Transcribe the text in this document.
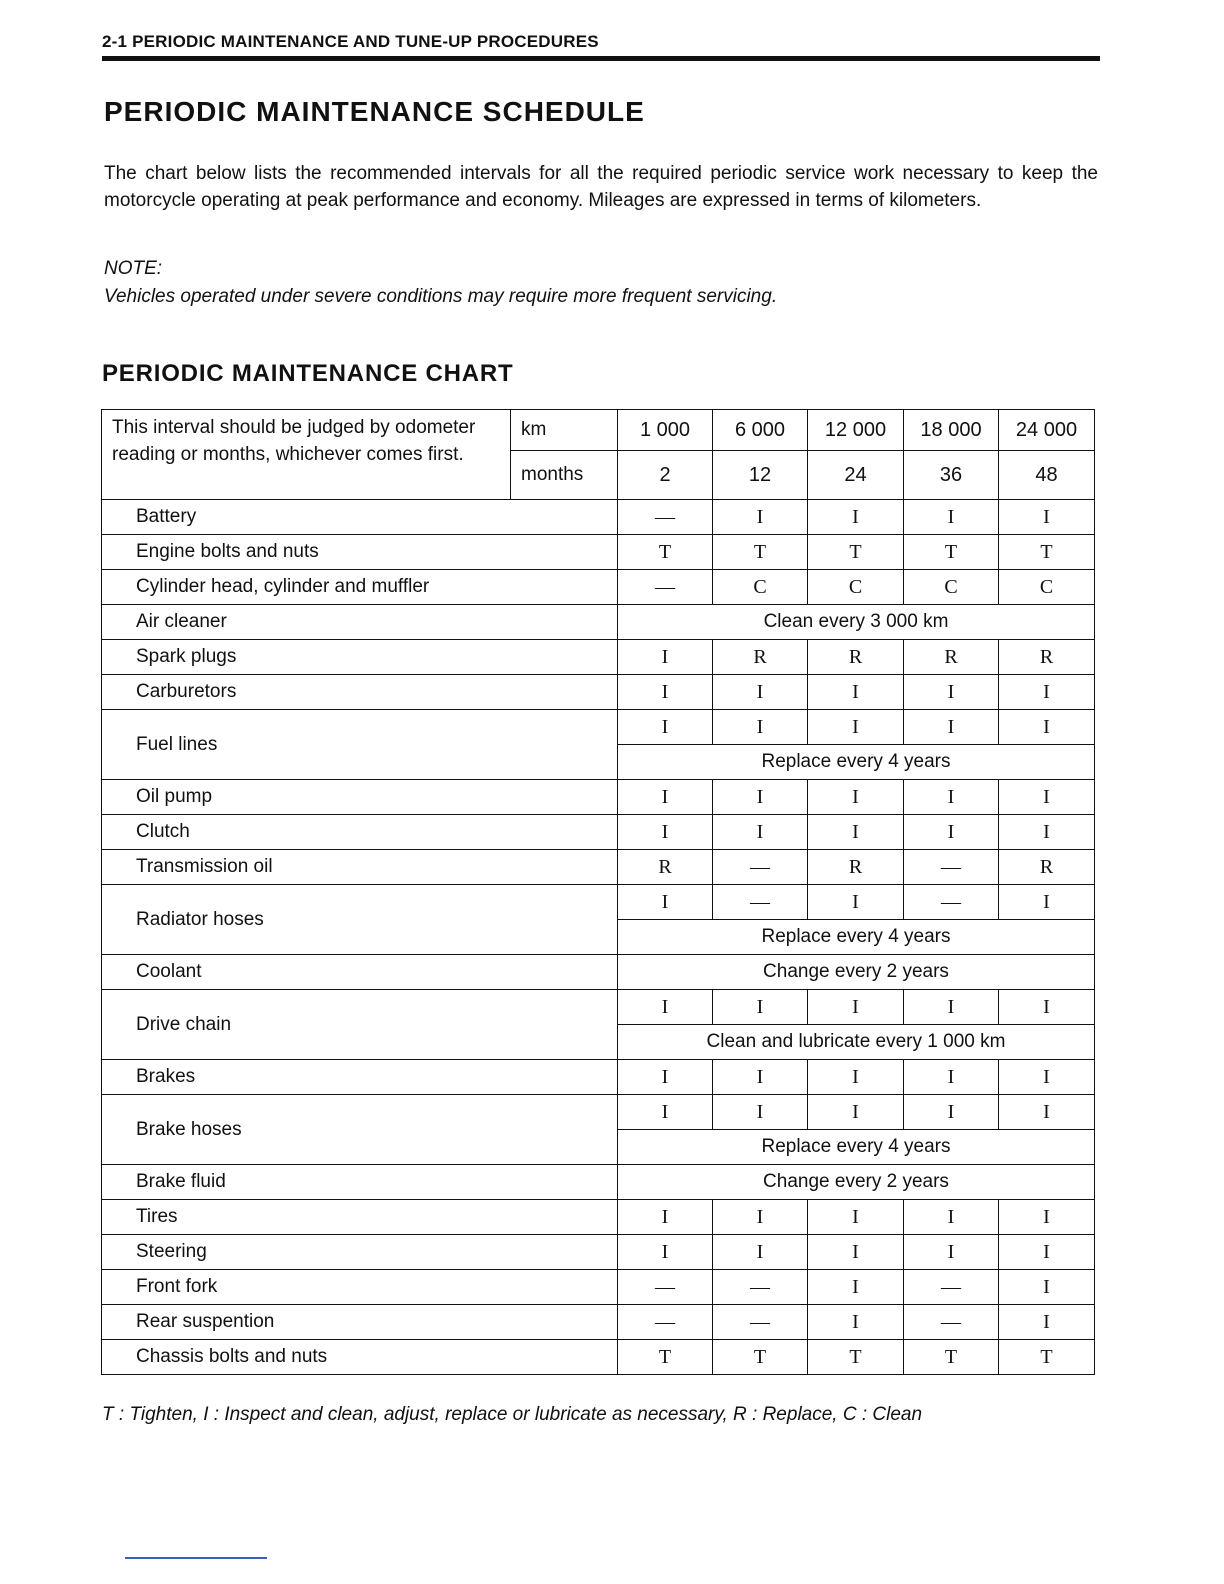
2-1 PERIODIC MAINTENANCE AND TUNE-UP PROCEDURES
PERIODIC MAINTENANCE SCHEDULE
The chart below lists the recommended intervals for all the required periodic service work necessary to keep the motorcycle operating at peak performance and economy. Mileages are expressed in terms of kilometers.
NOTE:
Vehicles operated under severe conditions may require more frequent servicing.
PERIODIC MAINTENANCE CHART
This interval should be judged by odometer reading or months, whichever comes first.	km	1 000	6 000	12 000	18 000	24 000
	months	2	12	24	36	48
Battery		—	I	I	I	I
Engine bolts and nuts		T	T	T	T	T
Cylinder head, cylinder and muffler		—	C	C	C	C
Air cleaner		Clean every 3 000 km				
Spark plugs		I	R	R	R	R
Carburetors		I	I	I	I	I
Fuel lines		I	I	I	I	I
		Replace every 4 years				
Oil pump		I	I	I	I	I
Clutch		I	I	I	I	I
Transmission oil		R	—	R	—	R
Radiator hoses		I	—	I	—	I
		Replace every 4 years				
Coolant		Change every 2 years				
Drive chain		I	I	I	I	I
		Clean and lubricate every 1 000 km				
Brakes		I	I	I	I	I
Brake hoses		I	I	I	I	I
		Replace every 4 years				
Brake fluid		Change every 2 years				
Tires		I	I	I	I	I
Steering		I	I	I	I	I
Front fork		—	—	I	—	I
Rear suspention		—	—	I	—	I
Chassis bolts and nuts		T	T	T	T	T
T : Tighten, I : Inspect and clean, adjust, replace or lubricate as necessary, R : Replace, C : Clean
